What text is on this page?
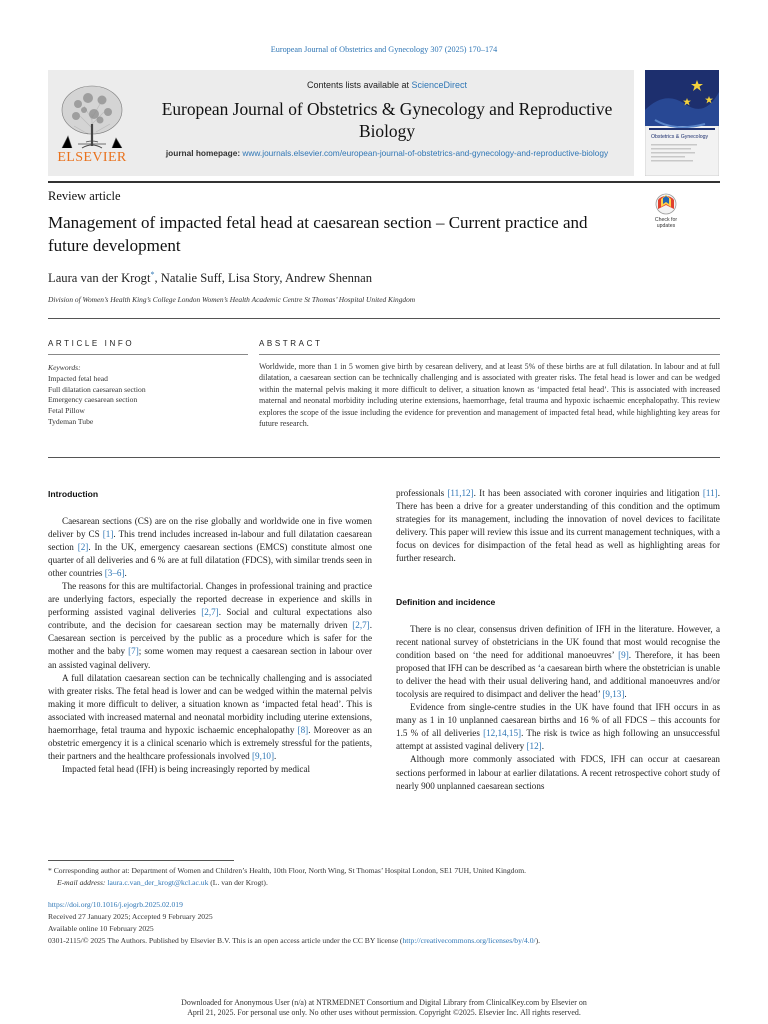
European Journal of Obstetrics and Gynecology 307 (2025) 170–174
ELSEVIER
Contents lists available at ScienceDirect
European Journal of Obstetrics & Gynecology and Reproductive Biology
journal homepage: www.journals.elsevier.com/european-journal-of-obstetrics-and-gynecology-and-reproductive-biology
Obstetrics & Gynecology
Review article
Management of impacted fetal head at caesarean section – Current practice and future development
Check for
updates
Laura van der Krogt*, Natalie Suff, Lisa Story, Andrew Shennan
Division of Women’s Health King’s College London Women’s Health Academic Centre St Thomas’ Hospital United Kingdom
ARTICLE INFO	ABSTRACT
Keywords:
Impacted fetal head
Full dilatation caesarean section
Emergency caesarean section
Fetal Pillow
Tydeman Tube
Worldwide, more than 1 in 5 women give birth by cesarean delivery, and at least 5% of these births are at full dilatation. In labour and at full dilatation, a caesarean section can be technically challenging and is associated with greater risks. The fetal head is lower and can be wedged within the maternal pelvis making it more difficult to deliver, a situation known as ‘impacted fetal head’. This is associated with increased maternal and neonatal morbidity including uterine extensions, haemorrhage, fetal trauma and hypoxic ischaemic encephalopathy. This review explores the scope of the issue including the evidence for prevention and management of impacted fetal head, while highlighting key areas for future research.
Introduction

Caesarean sections (CS) are on the rise globally and worldwide one in five women deliver by CS [1]. This trend includes increased in-labour and full dilatation caesarean section [2]. In the UK, emergency caesarean sections (EMCS) constitute almost one quarter of all deliveries and 6 % are at full dilatation (FDCS), with similar trends seen in other countries [3–6].

The reasons for this are multifactorial. Changes in professional training and practice are underlying factors, especially the reported decrease in experience and skills in performing assisted vaginal deliveries [2,7]. Social and cultural expectations also contribute, and the decision for caesarean section may be maternally driven [2,7]. Caesarean section is perceived by the public as a procedure which is safer for the mother and the baby [7]; some women may request a caesarean section in labour over an assisted vaginal delivery.

A full dilatation caesarean section can be technically challenging and is associated with greater risks. The fetal head is lower and can be wedged within the maternal pelvis making it more difficult to deliver, a situation known as ‘impacted fetal head’. This is associated with increased maternal and neonatal morbidity including uterine extensions, haemorrhage, fetal trauma and hypoxic ischaemic encephalopathy [8]. Moreover as an obstetric emergency it is a clinical scenario which is extremely stressful for the patients, their partners and the healthcare professionals involved [9,10].

Impacted fetal head (IFH) is being increasingly reported by medical

professionals [11,12]. It has been associated with coroner inquiries and litigation [11]. There has been a drive for a greater understanding of this condition and the optimum strategies for its management, including the innovation of novel devices to facilitate delivery. This paper will review this issue and its current management techniques, with a focus on devices for disimpaction of the fetal head as well as highlighting areas for further research.

Definition and incidence

There is no clear, consensus driven definition of IFH in the literature. However, a recent national survey of obstetricians in the UK found that most would recognise the condition based on ‘the need for additional manoeuvres’ [9]. Therefore, it has been proposed that IFH can be described as ‘a caesarean birth where the obstetrician is unable to deliver the head with their usual delivering hand, and additional manoeuvres and/or tocolysis are required to disimpact and deliver the head’ [9,13].

Evidence from single-centre studies in the UK have found that IFH occurs in as many as 1 in 10 unplanned caesarean births and 16 % of all FDCS – this accounts for 1.5 % of all deliveries [12,14,15]. The risk is twice as high following an unsuccessful attempt at assisted vaginal delivery [12].

Although more commonly associated with FDCS, IFH can occur at caesarean sections performed in labour at earlier dilatations. A recent retrospective cohort study of nearly 900 unplanned caesarean sections

* Corresponding author at: Department of Women and Children’s Health, 10th Floor, North Wing, St Thomas’ Hospital London, SE1 7UH, United Kingdom.
E-mail address: laura.c.van_der_krogt@kcl.ac.uk (L. van der Krogt).
https://doi.org/10.1016/j.ejogrb.2025.02.019
Received 27 January 2025; Accepted 9 February 2025
Available online 10 February 2025
0301-2115/© 2025 The Authors. Published by Elsevier B.V. This is an open access article under the CC BY license (http://creativecommons.org/licenses/by/4.0/).
Downloaded for Anonymous User (n/a) at NTRMEDNET Consortium and Digital Library from ClinicalKey.com by Elsevier on
April 21, 2025. For personal use only. No other uses without permission. Copyright ©2025. Elsevier Inc. All rights reserved.
